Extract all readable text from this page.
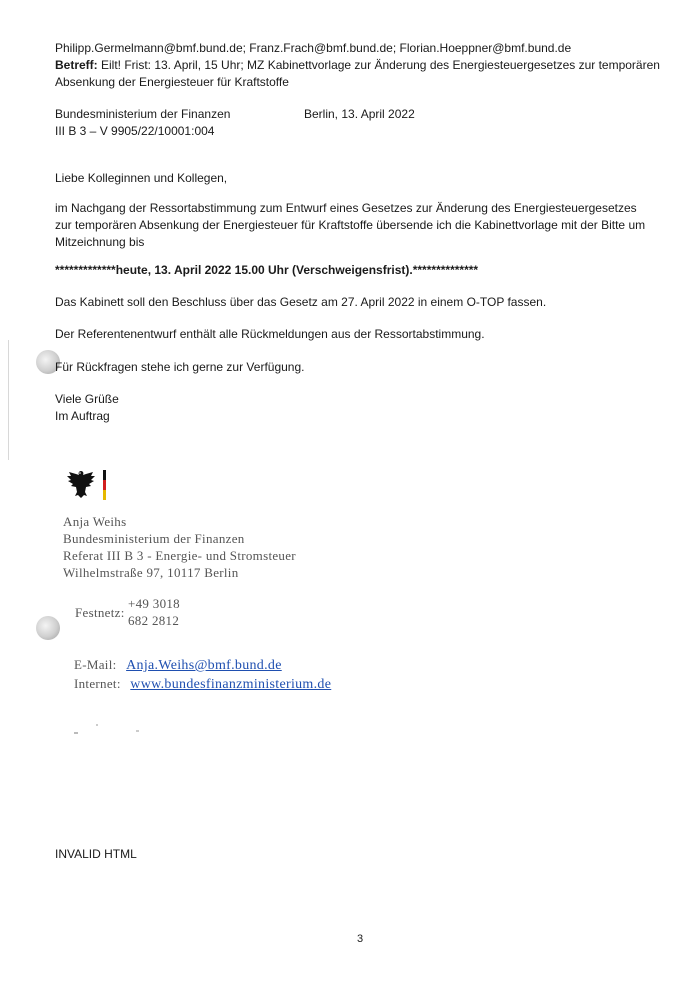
Philipp.Germelmann@bmf.bund.de; Franz.Frach@bmf.bund.de; Florian.Hoeppner@bmf.bund.de
Betreff: Eilt! Frist: 13. April, 15 Uhr; MZ Kabinettvorlage zur Änderung des Energiesteuergesetzes zur temporären
Absenkung der Energiesteuer für Kraftstoffe
Bundesministerium der Finanzen	Berlin, 13. April 2022
III B 3 – V 9905/22/10001:004
Liebe Kolleginnen und Kollegen,
im Nachgang der Ressortabstimmung zum Entwurf eines Gesetzes zur Änderung des Energiesteuergesetzes zur temporären Absenkung der Energiesteuer für Kraftstoffe übersende ich die Kabinettvorlage mit der Bitte um Mitzeichnung bis
*************heute, 13. April 2022 15.00 Uhr (Verschweigensfrist).**************
Das Kabinett soll den Beschluss über das Gesetz am 27. April 2022 in einem O-TOP fassen.
Der Referentenentwurf enthält alle Rückmeldungen aus der Ressortabstimmung.
Für Rückfragen stehe ich gerne zur Verfügung.
Viele Grüße
Im Auftrag
Anja Weihs
Bundesministerium der Finanzen
Referat III B 3 - Energie- und Stromsteuer
Wilhelmstraße 97, 10117 Berlin
Festnetz:
+49 3018
682 2812
E-Mail: Anja.Weihs@bmf.bund.de
Internet: www.bundesfinanzministerium.de
INVALID HTML
3
